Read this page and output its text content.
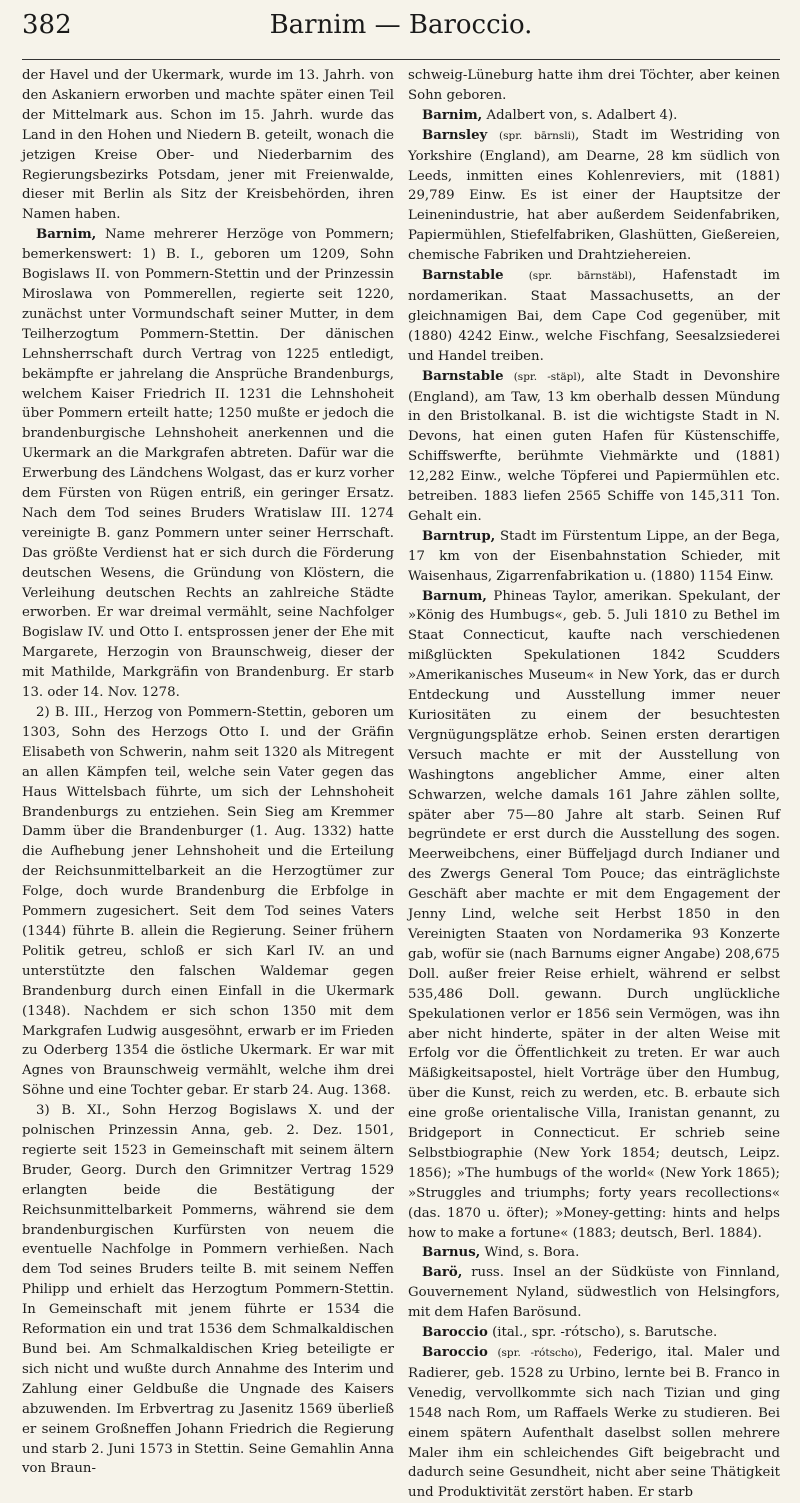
382	Barnim — Baroccio.

der Havel und der Ukermark, wurde im 13. Jahrh. von den Askaniern erworben und machte später einen Teil der Mittelmark aus. Schon im 15. Jahrh. wurde das Land in den Hohen und Niedern B. geteilt, wonach die jetzigen Kreise Ober- und Niederbarnim des Regierungsbezirks Potsdam, jener mit Freienwalde, dieser mit Berlin als Sitz der Kreisbehörden, ihren Namen haben.

Barnim, Name mehrerer Herzöge von Pommern; bemerkenswert: 1) B. I., geboren um 1209, Sohn Bogislaws II. von Pommern-Stettin und der Prinzessin Miroslawa von Pommerellen, regierte seit 1220, zunächst unter Vormundschaft seiner Mutter, in dem Teilherzogtum Pommern-Stettin. Der dänischen Lehnsherrschaft durch Vertrag von 1225 entledigt, bekämpfte er jahrelang die Ansprüche Brandenburgs, welchem Kaiser Friedrich II. 1231 die Lehnshoheit über Pommern erteilt hatte; 1250 mußte er jedoch die brandenburgische Lehnshoheit anerkennen und die Ukermark an die Markgrafen abtreten. Dafür war die Erwerbung des Ländchens Wolgast, das er kurz vorher dem Fürsten von Rügen entriß, ein geringer Ersatz. Nach dem Tod seines Bruders Wratislaw III. 1274 vereinigte B. ganz Pommern unter seiner Herrschaft. Das größte Verdienst hat er sich durch die Förderung deutschen Wesens, die Gründung von Klöstern, die Verleihung deutschen Rechts an zahlreiche Städte erworben. Er war dreimal vermählt, seine Nachfolger Bogislaw IV. und Otto I. entsprossen jener der Ehe mit Margarete, Herzogin von Braunschweig, dieser der mit Mathilde, Markgräfin von Brandenburg. Er starb 13. oder 14. Nov. 1278.

2) B. III., Herzog von Pommern-Stettin, geboren um 1303, Sohn des Herzogs Otto I. und der Gräfin Elisabeth von Schwerin, nahm seit 1320 als Mitregent an allen Kämpfen teil, welche sein Vater gegen das Haus Wittelsbach führte, um sich der Lehnshoheit Brandenburgs zu entziehen. Sein Sieg am Kremmer Damm über die Brandenburger (1. Aug. 1332) hatte die Aufhebung jener Lehnshoheit und die Erteilung der Reichsunmittelbarkeit an die Herzogtümer zur Folge, doch wurde Brandenburg die Erbfolge in Pommern zugesichert. Seit dem Tod seines Vaters (1344) führte B. allein die Regierung. Seiner frühern Politik getreu, schloß er sich Karl IV. an und unterstützte den falschen Waldemar gegen Brandenburg durch einen Einfall in die Ukermark (1348). Nachdem er sich schon 1350 mit dem Markgrafen Ludwig ausgesöhnt, erwarb er im Frieden zu Oderberg 1354 die östliche Ukermark. Er war mit Agnes von Braunschweig vermählt, welche ihm drei Söhne und eine Tochter gebar. Er starb 24. Aug. 1368.

3) B. XI., Sohn Herzog Bogislaws X. und der polnischen Prinzessin Anna, geb. 2. Dez. 1501, regierte seit 1523 in Gemeinschaft mit seinem ältern Bruder, Georg. Durch den Grimnitzer Vertrag 1529 erlangten beide die Bestätigung der Reichsunmittelbarkeit Pommerns, während sie dem brandenburgischen Kurfürsten von neuem die eventuelle Nachfolge in Pommern verhießen. Nach dem Tod seines Bruders teilte B. mit seinem Neffen Philipp und erhielt das Herzogtum Pommern-Stettin. In Gemeinschaft mit jenem führte er 1534 die Reformation ein und trat 1536 dem Schmalkaldischen Bund bei. Am Schmalkaldischen Krieg beteiligte er sich nicht und wußte durch Annahme des Interim und Zahlung einer Geldbuße die Ungnade des Kaisers abzuwenden. Im Erbvertrag zu Jasenitz 1569 überließ er seinem Großneffen Johann Friedrich die Regierung und starb 2. Juni 1573 in Stettin. Seine Gemahlin Anna von Braun-

schweig-Lüneburg hatte ihm drei Töchter, aber keinen Sohn geboren.

Barnim, Adalbert von, s. Adalbert 4).

Barnsley (spr. bārnsli), Stadt im Westriding von Yorkshire (England), am Dearne, 28 km südlich von Leeds, inmitten eines Kohlenreviers, mit (1881) 29,789 Einw. Es ist einer der Hauptsitze der Leinenindustrie, hat aber außerdem Seidenfabriken, Papiermühlen, Stiefelfabriken, Glashütten, Gießereien, chemische Fabriken und Drahtziehereien.

Barnstable (spr. bārnstäbl), Hafenstadt im nordamerikan. Staat Massachusetts, an der gleichnamigen Bai, dem Cape Cod gegenüber, mit (1880) 4242 Einw., welche Fischfang, Seesalzsiederei und Handel treiben.

Barnstable (spr. -stäpl), alte Stadt in Devonshire (England), am Taw, 13 km oberhalb dessen Mündung in den Bristolkanal. B. ist die wichtigste Stadt in N. Devons, hat einen guten Hafen für Küstenschiffe, Schiffswerfte, berühmte Viehmärkte und (1881) 12,282 Einw., welche Töpferei und Papiermühlen etc. betreiben. 1883 liefen 2565 Schiffe von 145,311 Ton. Gehalt ein.

Barntrup, Stadt im Fürstentum Lippe, an der Bega, 17 km von der Eisenbahnstation Schieder, mit Waisenhaus, Zigarrenfabrikation u. (1880) 1154 Einw.

Barnum, Phineas Taylor, amerikan. Spekulant, der »König des Humbugs«, geb. 5. Juli 1810 zu Bethel im Staat Connecticut, kaufte nach verschiedenen mißglückten Spekulationen 1842 Scudders »Amerikanisches Museum« in New York, das er durch Entdeckung und Ausstellung immer neuer Kuriositäten zu einem der besuchtesten Vergnügungsplätze erhob. Seinen ersten derartigen Versuch machte er mit der Ausstellung von Washingtons angeblicher Amme, einer alten Schwarzen, welche damals 161 Jahre zählen sollte, später aber 75—80 Jahre alt starb. Seinen Ruf begründete er erst durch die Ausstellung des sogen. Meerweibchens, einer Büffeljagd durch Indianer und des Zwergs General Tom Pouce; das einträglichste Geschäft aber machte er mit dem Engagement der Jenny Lind, welche seit Herbst 1850 in den Vereinigten Staaten von Nordamerika 93 Konzerte gab, wofür sie (nach Barnums eigner Angabe) 208,675 Doll. außer freier Reise erhielt, während er selbst 535,486 Doll. gewann. Durch unglückliche Spekulationen verlor er 1856 sein Vermögen, was ihn aber nicht hinderte, später in der alten Weise mit Erfolg vor die Öffentlichkeit zu treten. Er war auch Mäßigkeitsapostel, hielt Vorträge über den Humbug, über die Kunst, reich zu werden, etc. B. erbaute sich eine große orientalische Villa, Iranistan genannt, zu Bridgeport in Connecticut. Er schrieb seine Selbstbiographie (New York 1854; deutsch, Leipz. 1856); »The humbugs of the world« (New York 1865); »Struggles and triumphs; forty years recollections« (das. 1870 u. öfter); »Money-getting: hints and helps how to make a fortune« (1883; deutsch, Berl. 1884).

Barnus, Wind, s. Bora.

Barö, russ. Insel an der Südküste von Finnland, Gouvernement Nyland, südwestlich von Helsingfors, mit dem Hafen Barösund.

Baroccio (ital., spr. -rótscho), s. Barutsche.

Baroccio (spr. -rótscho), Federigo, ital. Maler und Radierer, geb. 1528 zu Urbino, lernte bei B. Franco in Venedig, vervollkommte sich nach Tizian und ging 1548 nach Rom, um Raffaels Werke zu studieren. Bei einem spätern Aufenthalt daselbst sollen mehrere Maler ihm ein schleichendes Gift beigebracht und dadurch seine Gesundheit, nicht aber seine Thätigkeit und Produktivität zerstört haben. Er starb
